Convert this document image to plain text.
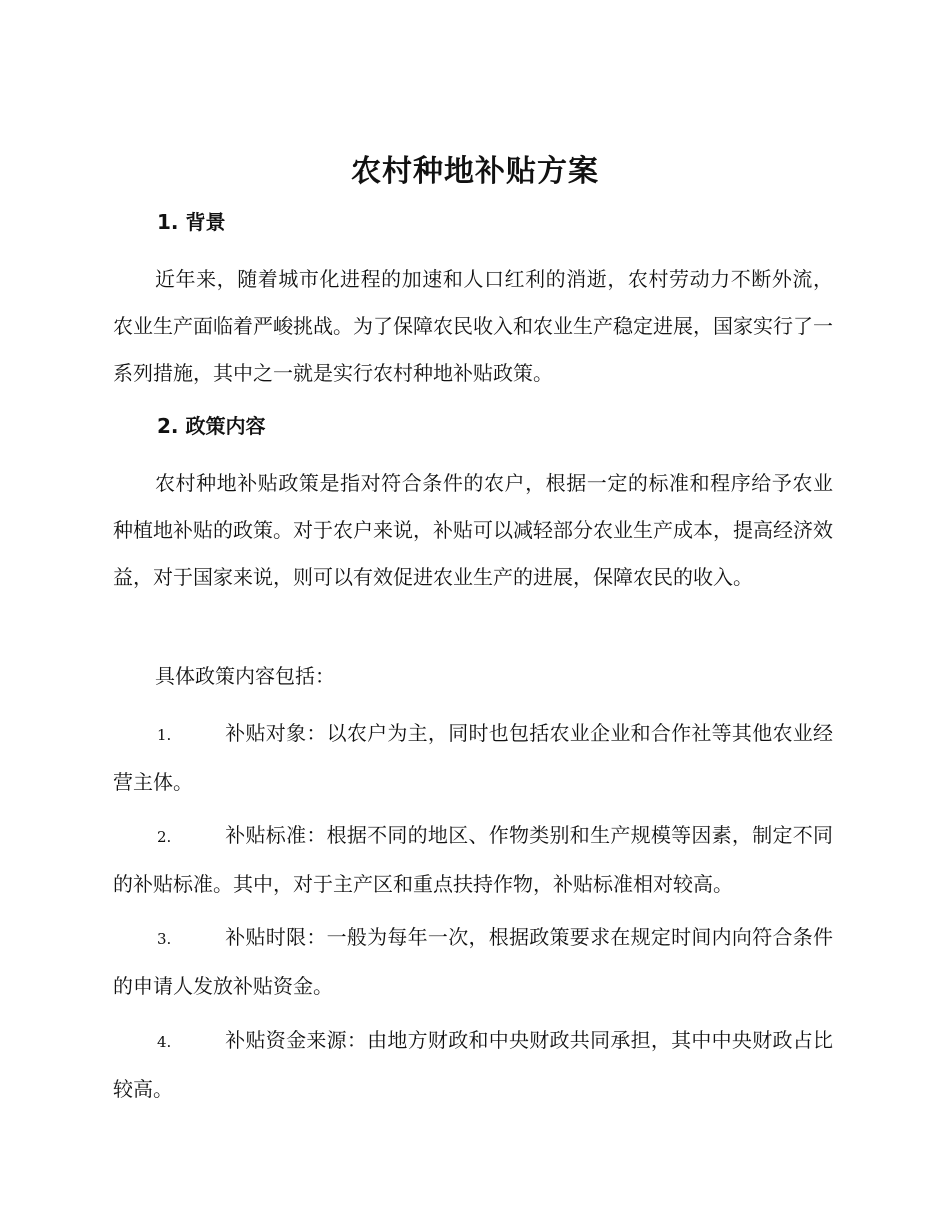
农村种地补贴方案
1. 背景

近年来，随着城市化进程的加速和人口红利的消逝，农村劳动力不断外流，农业生产面临着严峻挑战。为了保障农民收入和农业生产稳定进展，国家实行了一系列措施，其中之一就是实行农村种地补贴政策。

2. 政策内容

农村种地补贴政策是指对符合条件的农户，根据一定的标准和程序给予农业种植地补贴的政策。对于农户来说，补贴可以减轻部分农业生产成本，提高经济效益，对于国家来说，则可以有效促进农业生产的进展，保障农民的收入。

具体政策内容包括：

1.	补贴对象：以农户为主，同时也包括农业企业和合作社等其他农业经营主体。

2.	补贴标准：根据不同的地区、作物类别和生产规模等因素，制定不同的补贴标准。其中，对于主产区和重点扶持作物，补贴标准相对较高。

3.	补贴时限：一般为每年一次，根据政策要求在规定时间内向符合条件的申请人发放补贴资金。

4.	补贴资金来源：由地方财政和中央财政共同承担，其中中央财政占比较高。
